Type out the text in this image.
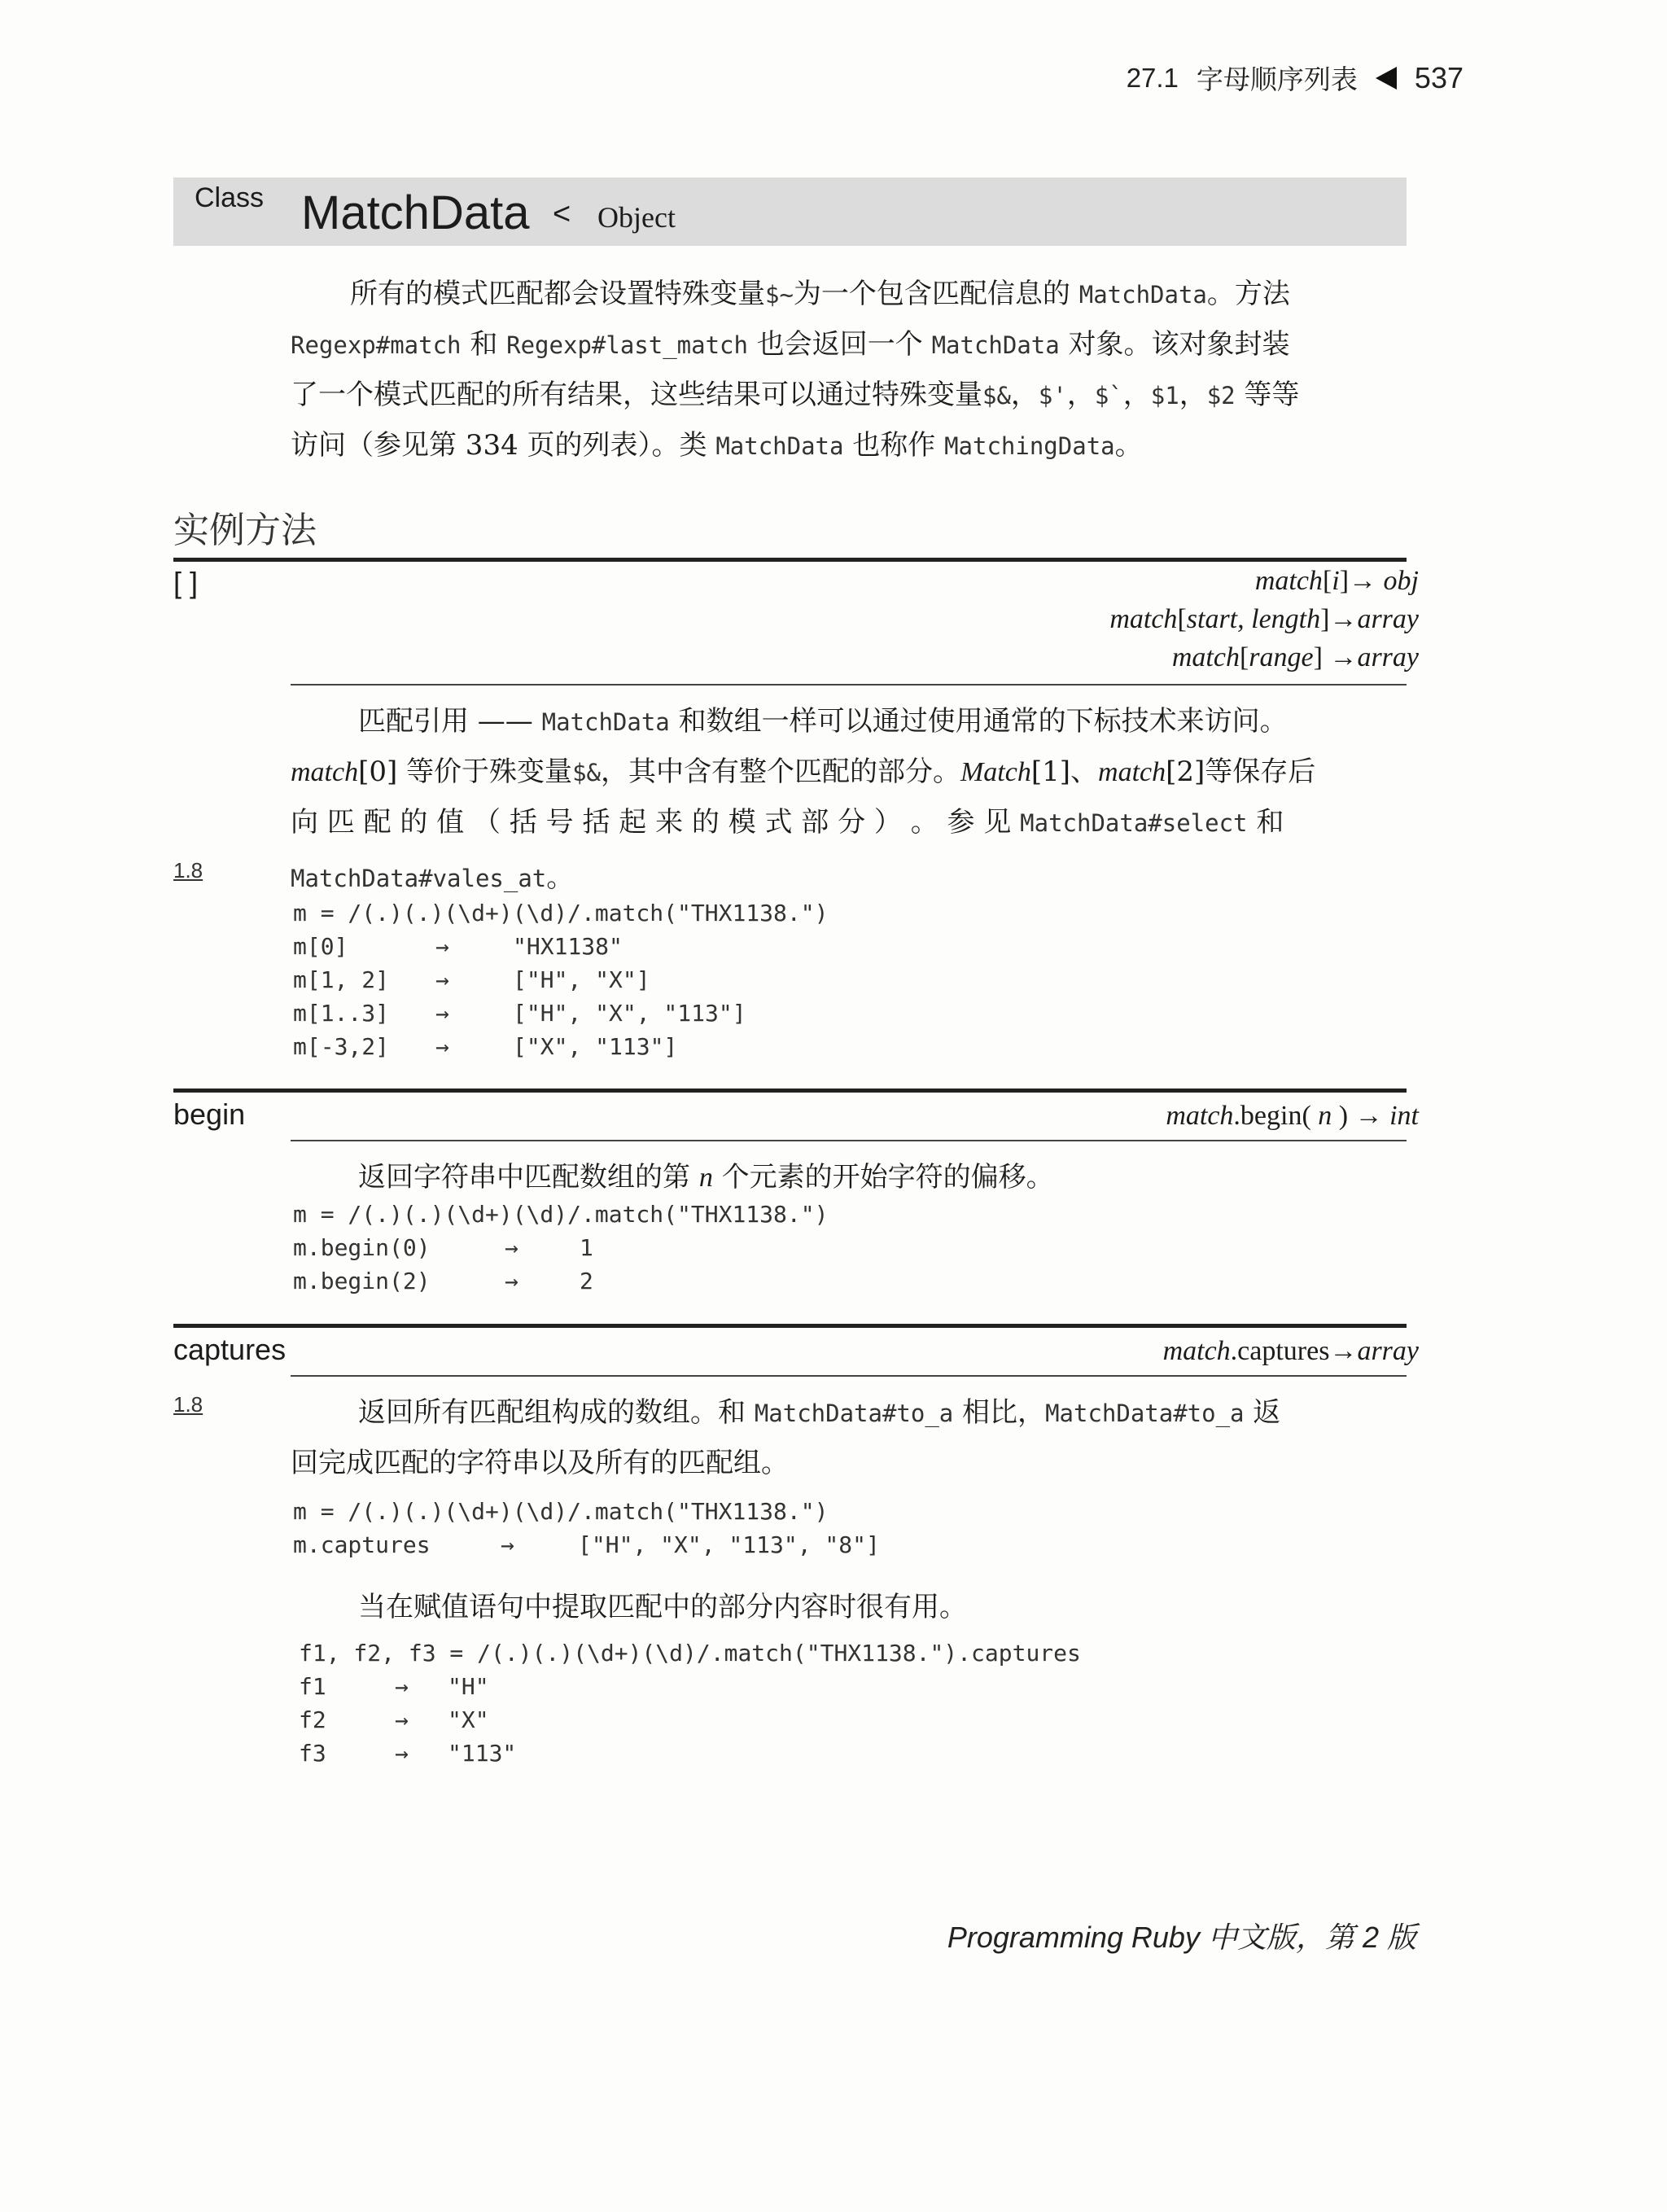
27.1 字母顺序列表 537
Class MatchData < Object
所有的模式匹配都会设置特殊变量$~为一个包含匹配信息的 MatchData。方法
Regexp#match 和 Regexp#last_match 也会返回一个 MatchData 对象。该对象封装
了一个模式匹配的所有结果，这些结果可以通过特殊变量$&，$'，$`，$1，$2 等等
访问（参见第 334 页的列表）。类 MatchData 也称作 MatchingData。
实例方法
[ ]	match[i]→ obj
match[start, length]→array
match[range] →array
匹配引用 —— MatchData 和数组一样可以通过使用通常的下标技术来访问。
match[0] 等价于殊变量$&，其中含有整个匹配的部分。Match[1]、match[2]等保存后
向 匹 配 的 值 （ 括 号 括 起 来 的 模 式 部 分 ） 。 参 见 MatchData#select 和
1.8	MatchData#vales_at。
m = /(.)(.)(\d+)(\d)/.match("THX1138.")
m[0]	→	"HX1138"
m[1, 2] →	["H", "X"]
m[1..3] →	["H", "X", "113"]
m[-3,2] →	["X", "113"]
begin	match.begin( n ) → int
返回字符串中匹配数组的第 n 个元素的开始字符的偏移。
m = /(.)(.)(\d+)(\d)/.match("THX1138.")
m.begin(0)	→	1
m.begin(2)	→	2
captures	match.captures→array
1.8	返回所有匹配组构成的数组。和 MatchData#to_a 相比，MatchData#to_a 返
回完成匹配的字符串以及所有的匹配组。
m = /(.)(.)(\d+)(\d)/.match("THX1138.")
m.captures	→	["H", "X", "113", "8"]
当在赋值语句中提取匹配中的部分内容时很有用。
f1, f2, f3 = /(.)(.)(\d+)(\d)/.match("THX1138.").captures
f1	→ "H"
f2	→ "X"
f3	→ "113"
Programming Ruby 中文版，第 2 版
